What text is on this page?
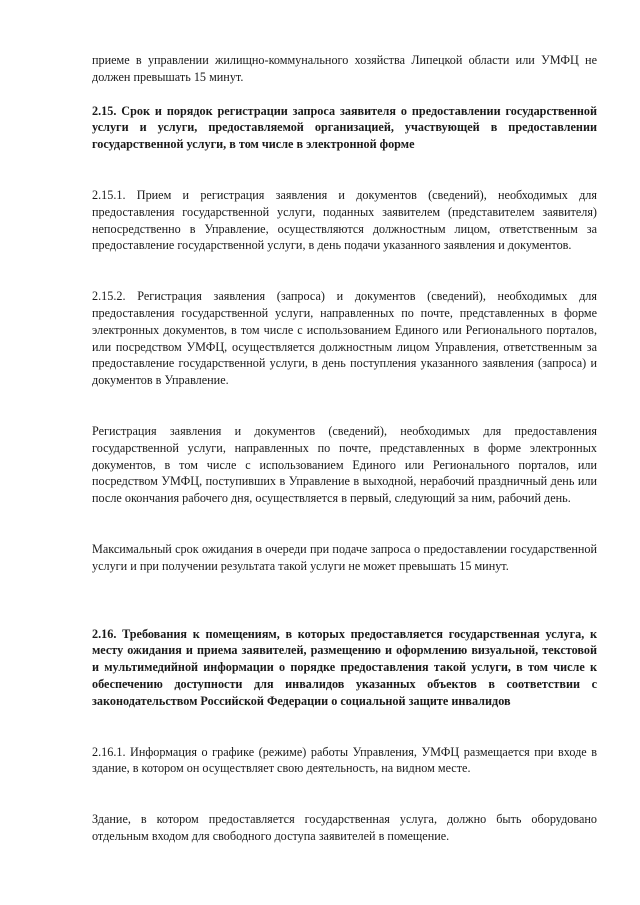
приеме в управлении жилищно-коммунального хозяйства Липецкой области или УМФЦ не должен превышать 15 минут.

2.15. Срок и порядок регистрации запроса заявителя о предоставлении государственной услуги и услуги, предоставляемой организацией, участвующей в предоставлении государственной услуги, в том числе в электронной форме

2.15.1. Прием и регистрация заявления и документов (сведений), необходимых для предоставления государственной услуги, поданных заявителем (представителем заявителя) непосредственно в Управление, осуществляются должностным лицом, ответственным за предоставление государственной услуги, в день подачи указанного заявления и документов.

2.15.2. Регистрация заявления (запроса) и документов (сведений), необходимых для предоставления государственной услуги, направленных по почте, представленных в форме электронных документов, в том числе с использованием Единого или Регионального порталов, или посредством УМФЦ, осуществляется должностным лицом Управления, ответственным за предоставление государственной услуги, в день поступления указанного заявления (запроса) и документов в Управление.

Регистрация заявления и документов (сведений), необходимых для предоставления государственной услуги, направленных по почте, представленных в форме электронных документов, в том числе с использованием Единого или Регионального порталов, или посредством УМФЦ, поступивших в Управление в выходной, нерабочий праздничный день или после окончания рабочего дня, осуществляется в первый, следующий за ним, рабочий день.

Максимальный срок ожидания в очереди при подаче запроса о предоставлении государственной услуги и при получении результата такой услуги не может превышать 15 минут.

2.16. Требования к помещениям, в которых предоставляется государственная услуга, к месту ожидания и приема заявителей, размещению и оформлению визуальной, текстовой и мультимедийной информации о порядке предоставления такой услуги, в том числе к обеспечению доступности для инвалидов указанных объектов в соответствии с законодательством Российской Федерации о социальной защите инвалидов

2.16.1. Информация о графике (режиме) работы Управления, УМФЦ размещается при входе в здание, в котором он осуществляет свою деятельность, на видном месте.

Здание, в котором предоставляется государственная услуга, должно быть оборудовано отдельным входом для свободного доступа заявителей в помещение.
